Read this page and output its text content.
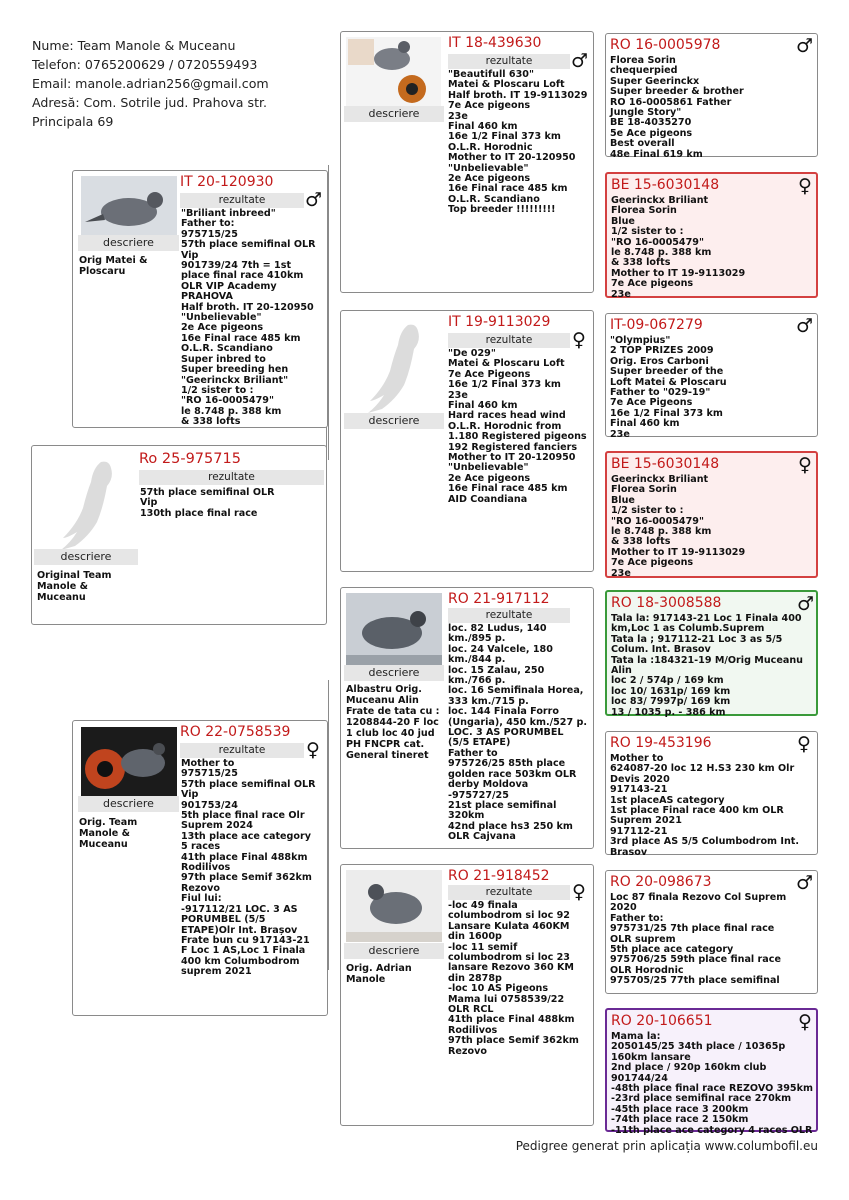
Nume: Team Manole & Muceanu
Telefon: 0765200629 / 0720559493
Email: manole.adrian256@gmail.com
Adresă: Com. Sotrile jud. Prahova str.
Principala 69
descriere
Original Team Manole & Muceanu
Ro 25-975715
rezultate
57th place semifinal OLR
Vip
130th place final race
descriere
Orig Matei & Ploscaru
IT 20-120930
rezultate	♂
"Briliant inbreed"
Father to:
975715/25
57th place semifinal OLR
Vip
901739/24 7th = 1st
place final race 410km
OLR VIP Academy
PRAHOVA
Half broth. IT 20-120950
"Unbelievable"
2e Ace pigeons
16e Final race 485 km
O.L.R. Scandiano
Super inbred to
Super breeding hen
"Geerinckx Briliant"
1/2 sister to :
"RO 16-0005479"
le 8.748 p. 388 km
& 338 lofts
descriere
Orig. Team Manole & Muceanu
RO 22-0758539
rezultate	♀
Mother to
975715/25
57th place semifinal OLR
Vip
901753/24
5th place final race Olr
Suprem 2024
13th place ace category
5 races
41th place Final 488km
Rodilivos
97th place Semif 362km
Rezovo
Fiul lui:
-917112/21 LOC. 3 AS
PORUMBEL (5/5
ETAPE)Olr Int. Brașov
Frate bun cu 917143-21
F Loc 1 AS,Loc 1 Finala
400 km Columbodrom
suprem 2021
descriere
IT 18-439630
rezultate	♂
"Beautifull 630"
Matei & Ploscaru Loft
Half broth. IT 19-9113029
7e Ace pigeons
23e
Final 460 km
16e 1/2 Final 373 km
O.L.R. Horodnic
Mother to IT 20-120950
"Unbelievable"
2e Ace pigeons
16e Final race 485 km
O.L.R. Scandiano
Top breeder !!!!!!!!!
descriere
IT 19-9113029
rezultate	♀
"De 029"
Matei & Ploscaru Loft
7e Ace Pigeons
16e 1/2 Final 373 km
23e
Final 460 km
Hard races head wind
O.L.R. Horodnic from
1.180 Registered pigeons
192 Registered fanciers
Mother to IT 20-120950
"Unbelievable"
2e Ace pigeons
16e Final race 485 km
AID Coandiana
descriere
Albastru Orig. Muceanu Alin Frate de tata cu : 1208844-20 F loc 1 club loc 40 jud PH FNCPR cat. General tineret
RO 21-917112
rezultate
loc. 82 Ludus, 140
km./895 p.
loc. 24 Valcele, 180
km./844 p.
loc. 15 Zalau, 250
km./766 p.
loc. 16 Semifinala Horea,
333 km./715 p.
loc. 144 Finala Forro
(Ungaria), 450 km./527 p.
LOC. 3 AS PORUMBEL
(5/5 ETAPE)
Father to
975726/25 85th place
golden race 503km OLR
derby Moldova
-975727/25
21st place semifinal
320km
42nd place hs3 250 km
OLR Cajvana
descriere
Orig. Adrian Manole
RO 21-918452
rezultate	♀
-loc 49 finala
columbodrom si loc 92
Lansare Kulata 460KM
din 1600p
-loc 11 semif
columbodrom si loc 23
lansare Rezovo 360 KM
din 2878p
-loc 10 AS Pigeons
Mama lui 0758539/22
OLR RCL
41th place Final 488km
Rodilivos
97th place Semif 362km
Rezovo
RO 16-0005978	♂
Florea Sorin
chequerpied
Super Geerinckx
Super breeder & brother
RO 16-0005861 Father
Jungle Story"
BE 18-4035270
5e Ace pigeons
Best overall
48e Final 619 km
BE 15-6030148	♀
Geerinckx Briliant
Florea Sorin
Blue
1/2 sister to :
"RO 16-0005479"
le 8.748 p. 388 km
& 338 lofts
Mother to IT 19-9113029
7e Ace pigeons
23e
IT-09-067279	♂
"Olympius"
2 TOP PRIZES 2009
Orig. Eros Carboni
Super breeder of the
Loft Matei & Ploscaru
Father to "029-19"
7e Ace Pigeons
16e 1/2 Final 373 km
Final 460 km
23e
BE 15-6030148	♀
Geerinckx Briliant
Florea Sorin
Blue
1/2 sister to :
"RO 16-0005479"
le 8.748 p. 388 km
& 338 lofts
Mother to IT 19-9113029
7e Ace pigeons
23e
RO 18-3008588	♂
Tala la: 917143-21 Loc 1 Finala 400
km,Loc 1 as Columb.Suprem
Tata la ; 917112-21 Loc 3 as 5/5
Colum. Int. Brasov
Tata la :184321-19 M/Orig Muceanu
Alin
loc 2 / 574p / 169 km
loc 10/ 1631p/ 169 km
loc 83/ 7997p/ 169 km
13 / 1035 p. - 386 km
RO 19-453196	♀
Mother to
624087-20 loc 12 H.S3 230 km Olr
Devis 2020
917143-21
1st placeAS category
1st place Final race 400 km OLR
Suprem 2021
917112-21
3rd place AS 5/5 Columbodrom Int.
Brasov
RO 20-098673	♂
Loc 87 finala Rezovo Col Suprem
2020
Father to:
975731/25 7th place final race
OLR suprem
5th place ace category
975706/25 59th place final race
OLR Horodnic
975705/25 77th place semifinal
RO 20-106651	♀
Mama la:
2050145/25 34th place / 10365p
160km lansare
2nd place / 920p 160km club
901744/24
-48th place final race REZOVO 395km
-23rd place semifinal race 270km
-45th place race 3 200km
-74th place race 2 150km
-11th place ace category 4 races OLR
Pedigree generat prin aplicația www.columbofil.eu
